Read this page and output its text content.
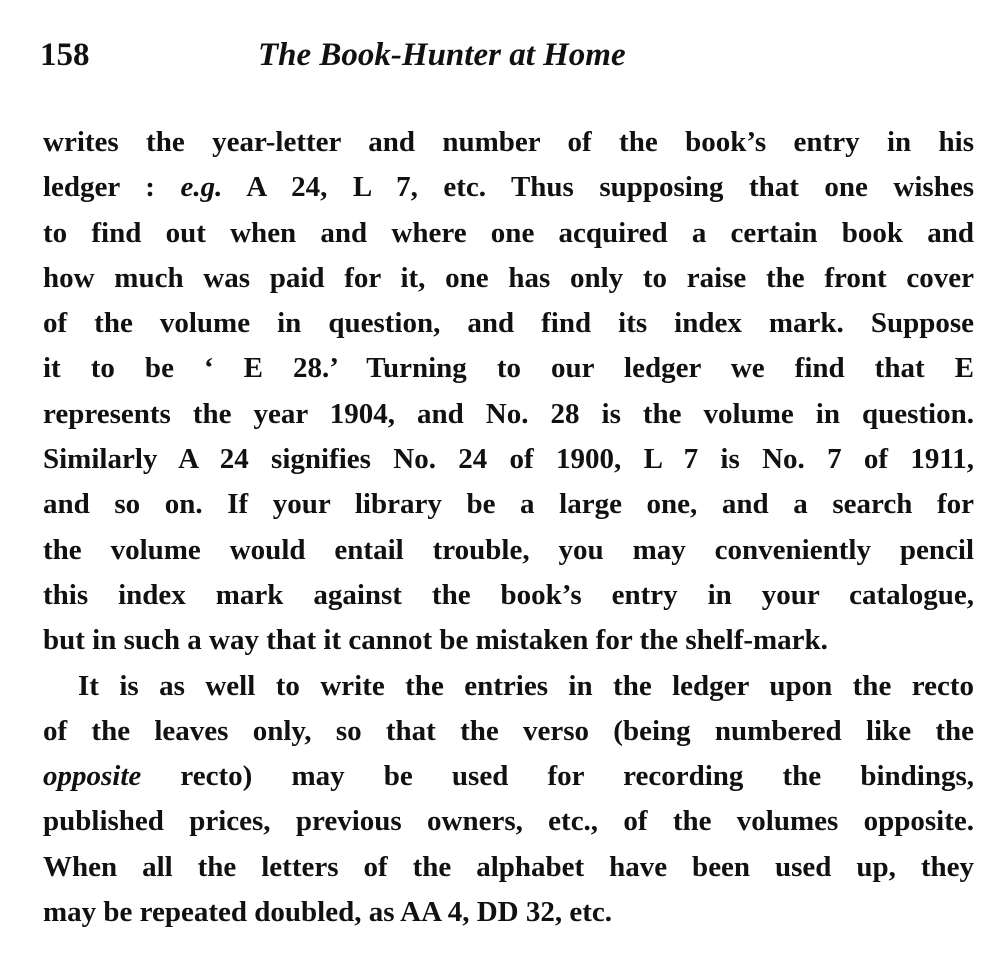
158	The Book-Hunter at Home
writes the year-letter and number of the book’s entry in his
ledger : e.g. A 24, L 7, etc. Thus supposing that one wishes
to find out when and where one acquired a certain book and
how much was paid for it, one has only to raise the front cover
of the volume in question, and find its index mark. Suppose
it to be ‘ E 28.’ Turning to our ledger we find that E
represents the year 1904, and No. 28 is the volume in question.
Similarly A 24 signifies No. 24 of 1900, L 7 is No. 7 of 1911,
and so on. If your library be a large one, and a search for
the volume would entail trouble, you may conveniently pencil
this index mark against the book’s entry in your catalogue,
but in such a way that it cannot be mistaken for the shelf-mark.
It is as well to write the entries in the ledger upon the recto
of the leaves only, so that the verso (being numbered like the
opposite recto) may be used for recording the bindings,
published prices, previous owners, etc., of the volumes opposite.
When all the letters of the alphabet have been used up, they
may be repeated doubled, as AA 4, DD 32, etc.
